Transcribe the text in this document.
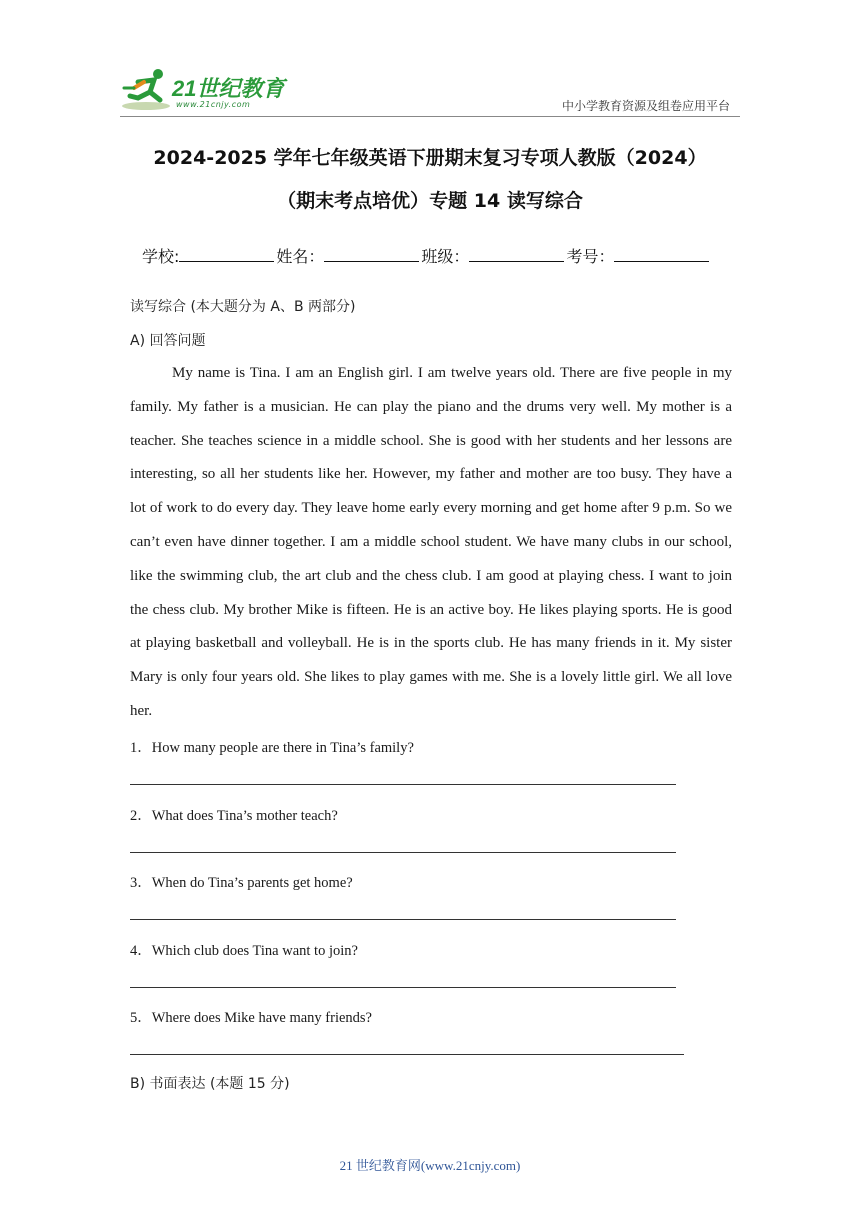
21世纪教育
www.21cnjy.com	中小学教育资源及组卷应用平台
2024-2025 学年七年级英语下册期末复习专项人教版（2024）
（期末考点培优）专题 14 读写综合
学校:	姓名：	班级：	考号：
读写综合 (本大题分为 A、B 两部分)
A) 回答问题
My name is Tina. I am an English girl. I am twelve years old. There are five people in my family. My father is a musician. He can play the piano and the drums very well. My mother is a teacher. She teaches science in a middle school. She is good with her students and her lessons are interesting, so all her students like her. However, my father and mother are too busy. They have a lot of work to do every day. They leave home early every morning and get home after 9 p.m. So we can’t even have dinner together. I am a middle school student. We have many clubs in our school, like the swimming club, the art club and the chess club. I am good at playing chess. I want to join the chess club. My brother Mike is fifteen. He is an active boy. He likes playing sports. He is good at playing basketball and volleyball. He is in the sports club. He has many friends in it. My sister Mary is only four years old. She likes to play games with me. She is a lovely little girl. We all love her.
1．How many people are there in Tina’s family?
2．What does Tina’s mother teach?
3．When do Tina’s parents get home?
4．Which club does Tina want to join?
5．Where does Mike have many friends?
B) 书面表达 (本题 15 分)
21 世纪教育网(www.21cnjy.com)
